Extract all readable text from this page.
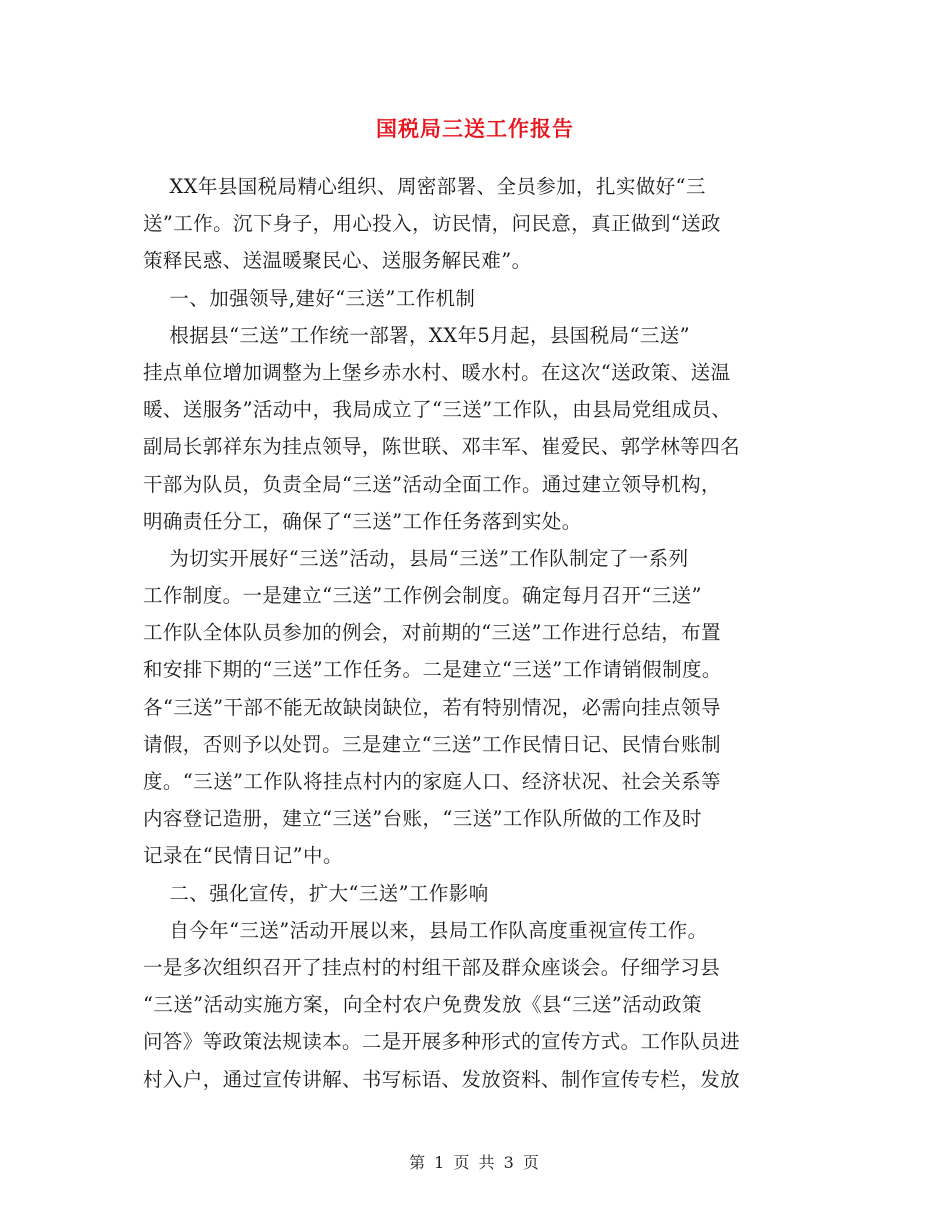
国税局三送工作报告
XX年县国税局精心组织、周密部署、全员参加，扎实做好“三
送”工作。沉下身子，用心投入，访民情，问民意，真正做到“送政
策释民惑、送温暖聚民心、送服务解民难”。
一、加强领导,建好“三送”工作机制
根据县“三送”工作统一部署，XX年5月起，县国税局“三送”
挂点单位增加调整为上堡乡赤水村、暖水村。在这次“送政策、送温
暖、送服务”活动中，我局成立了“三送”工作队，由县局党组成员、
副局长郭祥东为挂点领导，陈世联、邓丰军、崔爱民、郭学林等四名
干部为队员，负责全局“三送”活动全面工作。通过建立领导机构，
明确责任分工，确保了“三送”工作任务落到实处。
为切实开展好“三送”活动，县局“三送”工作队制定了一系列
工作制度。一是建立“三送”工作例会制度。确定每月召开“三送”
工作队全体队员参加的例会，对前期的“三送”工作进行总结，布置
和安排下期的“三送”工作任务。二是建立“三送”工作请销假制度。
各“三送”干部不能无故缺岗缺位，若有特别情况，必需向挂点领导
请假，否则予以处罚。三是建立“三送”工作民情日记、民情台账制
度。“三送”工作队将挂点村内的家庭人口、经济状况、社会关系等
内容登记造册，建立“三送”台账，“三送”工作队所做的工作及时
记录在“民情日记”中。
二、强化宣传，扩大“三送”工作影响
自今年“三送”活动开展以来，县局工作队高度重视宣传工作。
一是多次组织召开了挂点村的村组干部及群众座谈会。仔细学习县
“三送”活动实施方案，向全村农户免费发放《县“三送”活动政策
问答》等政策法规读本。二是开展多种形式的宣传方式。工作队员进
村入户，通过宣传讲解、书写标语、发放资料、制作宣传专栏，发放
第 1 页 共 3 页
